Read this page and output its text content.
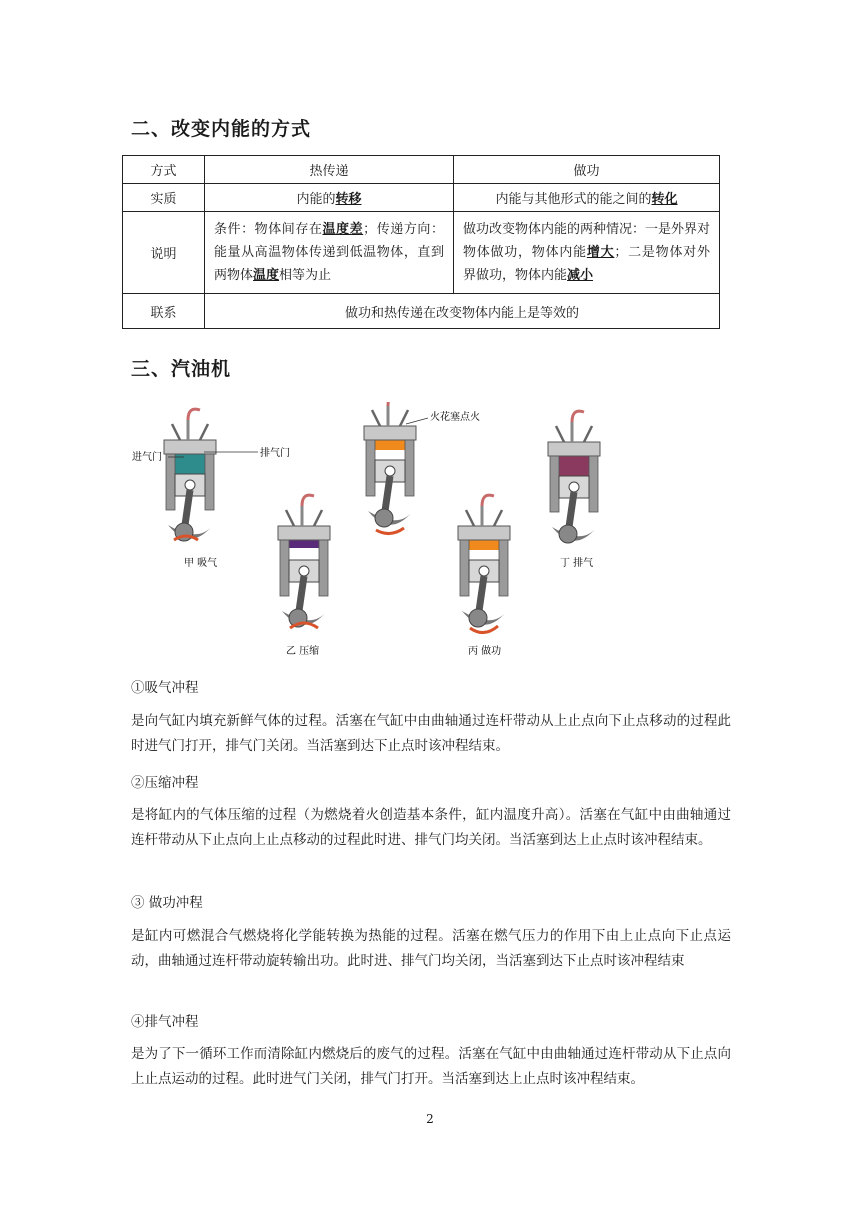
二、改变内能的方式
方式	热传递	做功
实质	内能的转移	内能与其他形式的能之间的转化
说明	条件：物体间存在温度差；传递方向：能量从高温物体传递到低温物体，直到两物体温度相等为止	做功改变物体内能的两种情况：一是外界对物体做功，物体内能增大；二是物体对外界做功，物体内能减小
联系	做功和热传递在改变物体内能上是等效的	
三、汽油机
进气门	排气门
火花塞点火
甲 吸气
乙 压缩	丙 做功
丁 排气

①吸气冲程

是向气缸内填充新鲜气体的过程。活塞在气缸中由曲轴通过连杆带动从上止点向下止点移动的过程此时进气门打开，排气门关闭。当活塞到达下止点时该冲程结束。

②压缩冲程

是将缸内的气体压缩的过程（为燃烧着火创造基本条件，缸内温度升高）。活塞在气缸中由曲轴通过连杆带动从下止点向上止点移动的过程此时进、排气门均关闭。当活塞到达上止点时该冲程结束。

③ 做功冲程

是缸内可燃混合气燃烧将化学能转换为热能的过程。活塞在燃气压力的作用下由上止点向下止点运动，曲轴通过连杆带动旋转输出功。此时进、排气门均关闭，当活塞到达下止点时该冲程结束

④排气冲程

是为了下一循环工作而清除缸内燃烧后的废气的过程。活塞在气缸中由曲轴通过连杆带动从下止点向上止点运动的过程。此时进气门关闭，排气门打开。当活塞到达上止点时该冲程结束。

2
